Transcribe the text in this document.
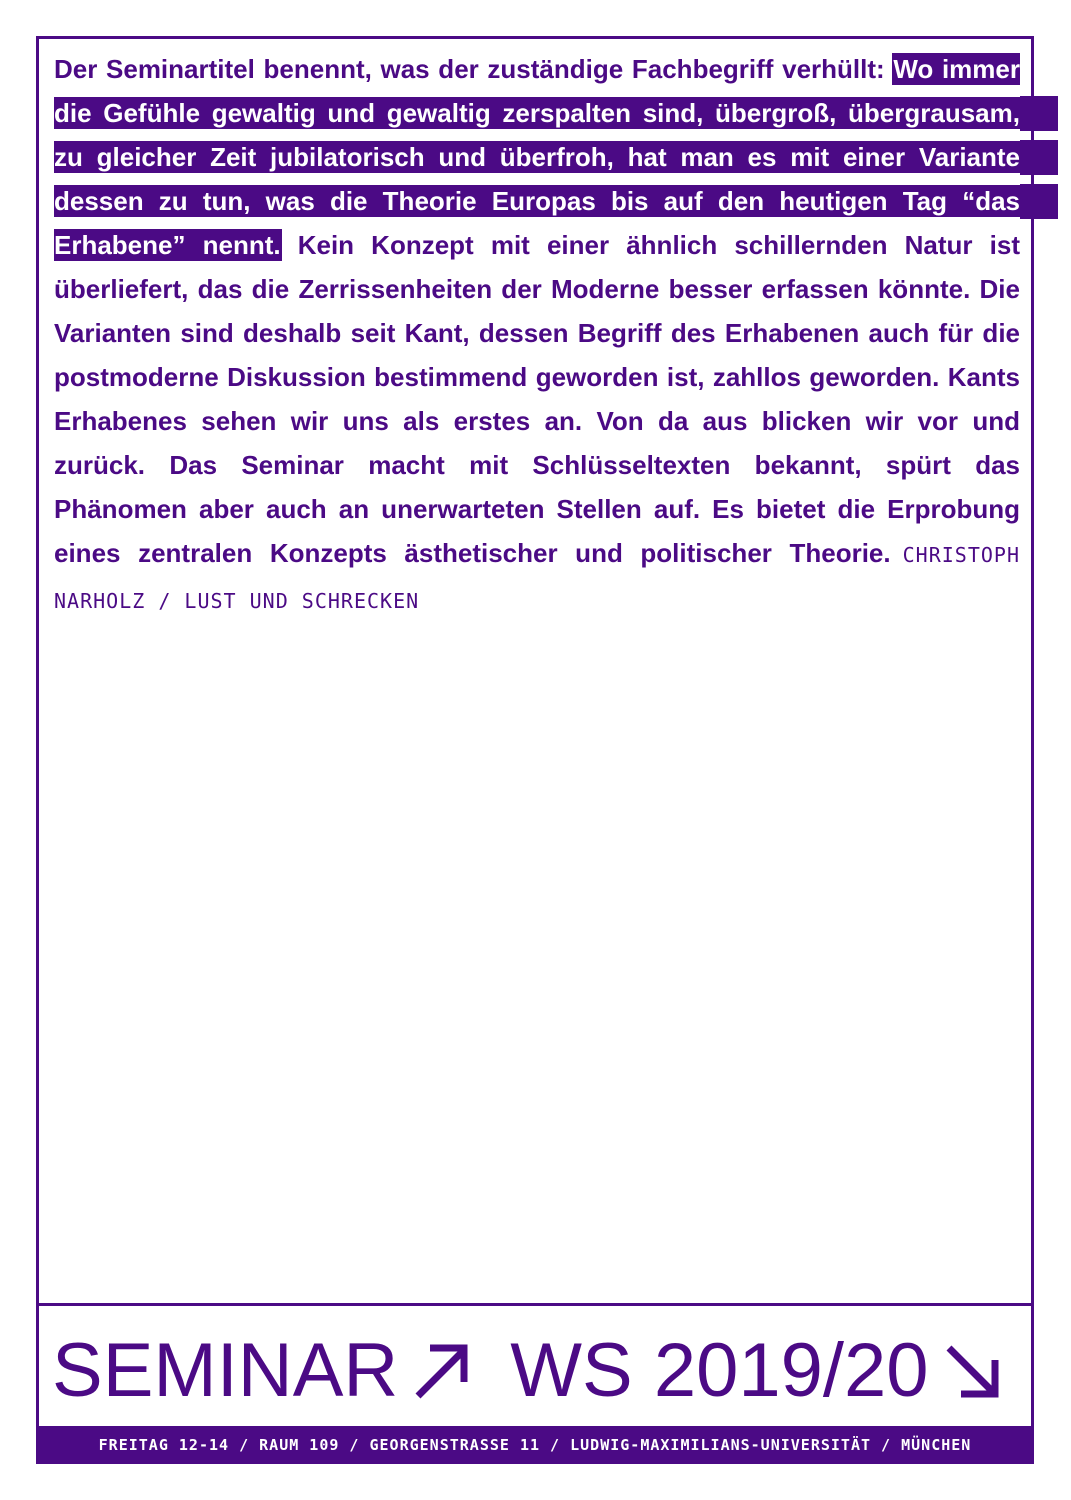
Der Seminartitel benennt, was der zuständige Fachbegriff verhüllt: Wo immer die Gefühle gewaltig und gewaltig zerspalten sind, übergroß, übergrausam, zu gleicher Zeit jubilatorisch und überfroh, hat man es mit einer Variante dessen zu tun, was die Theorie Europas bis auf den heutigen Tag “das Erhabene” nennt. Kein Konzept mit einer ähnlich schillernden Natur ist überliefert, das die Zerrissenheiten der Moderne besser erfassen könnte. Die Varianten sind deshalb seit Kant, dessen Begriff des Erhabenen auch für die postmoderne Diskussion bestimmend geworden ist, zahllos geworden. Kants Erhabenes sehen wir uns als erstes an. Von da aus blicken wir vor und zurück. Das Seminar macht mit Schlüsseltexten bekannt, spürt das Phänomen aber auch an unerwarteten Stellen auf. Es bietet die Erprobung eines zentralen Konzepts ästhetischer und politischer Theorie. CHRISTOPH NARHOLZ / LUST UND SCHRECKEN
SEMINAR WS 2019/20
FREITAG 12-14 / RAUM 109 / GEORGENSTRASSE 11 / LUDWIG-MAXIMILIANS-UNIVERSITÄT / MÜNCHEN
